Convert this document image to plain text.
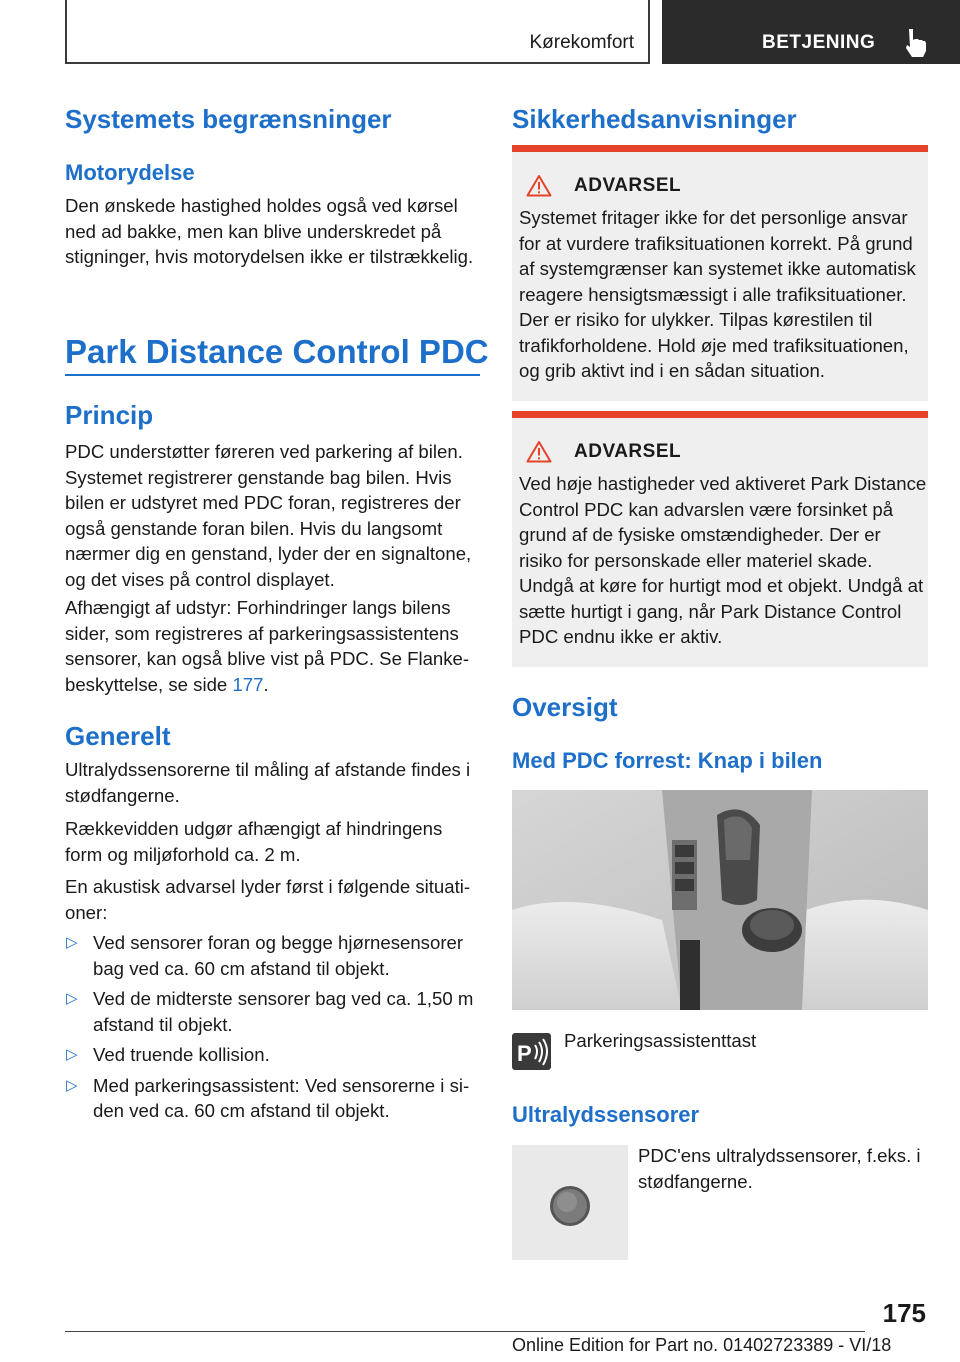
Kørekomfort	BETJENING
Systemets begrænsninger
Motorydelse
Den ønskede hastighed holdes også ved kørsel ned ad bakke, men kan blive underskredet på stigninger, hvis motorydelsen ikke er tilstrækkelig.
Park Distance Control PDC
Princip
PDC understøtter føreren ved parkering af bilen. Systemet registrerer genstande bag bilen. Hvis bilen er udstyret med PDC foran, registreres der også genstande foran bilen. Hvis du langsomt nærmer dig en genstand, lyder der en signaltone, og det vises på control displayet.
Afhængigt af udstyr: Forhindringer langs bilens sider, som registreres af parkeringsassistentens sensorer, kan også blive vist på PDC. Se Flankebeskyttelse, se side 177.
Generelt
Ultralydssensorerne til måling af afstande findes i stødfangerne.
Rækkevidden udgør afhængigt af hindringens form og miljøforhold ca. 2 m.
En akustisk advarsel lyder først i følgende situationer:
▷ Ved sensorer foran og begge hjørnesensorer bag ved ca. 60 cm afstand til objekt.
▷ Ved de midterste sensorer bag ved ca. 1,50 m afstand til objekt.
▷ Ved truende kollision.
▷ Med parkeringsassistent: Ved sensorerne i siden ved ca. 60 cm afstand til objekt.
Sikkerhedsanvisninger
ADVARSEL
Systemet fritager ikke for det personlige ansvar for at vurdere trafiksituationen korrekt. På grund af systemgrænser kan systemet ikke automatisk reagere hensigtsmæssigt i alle trafiksituationer. Der er risiko for ulykker. Tilpas kørestilen til trafikforholdene. Hold øje med trafiksituationen, og grib aktivt ind i en sådan situation.
ADVARSEL
Ved høje hastigheder ved aktiveret Park Distance Control PDC kan advarslen være forsinket på grund af de fysiske omstændigheder. Der er risiko for personskade eller materiel skade. Undgå at køre for hurtigt mod et objekt. Undgå at sætte hurtigt i gang, når Park Distance Control PDC endnu ikke er aktiv.
Oversigt
Med PDC forrest: Knap i bilen
P
Parkeringsassistenttast
Ultralydssensorer
PDC'ens ultralydssensorer, f.eks. i stødfangerne.
175
Online Edition for Part no. 01402723389 - VI/18
